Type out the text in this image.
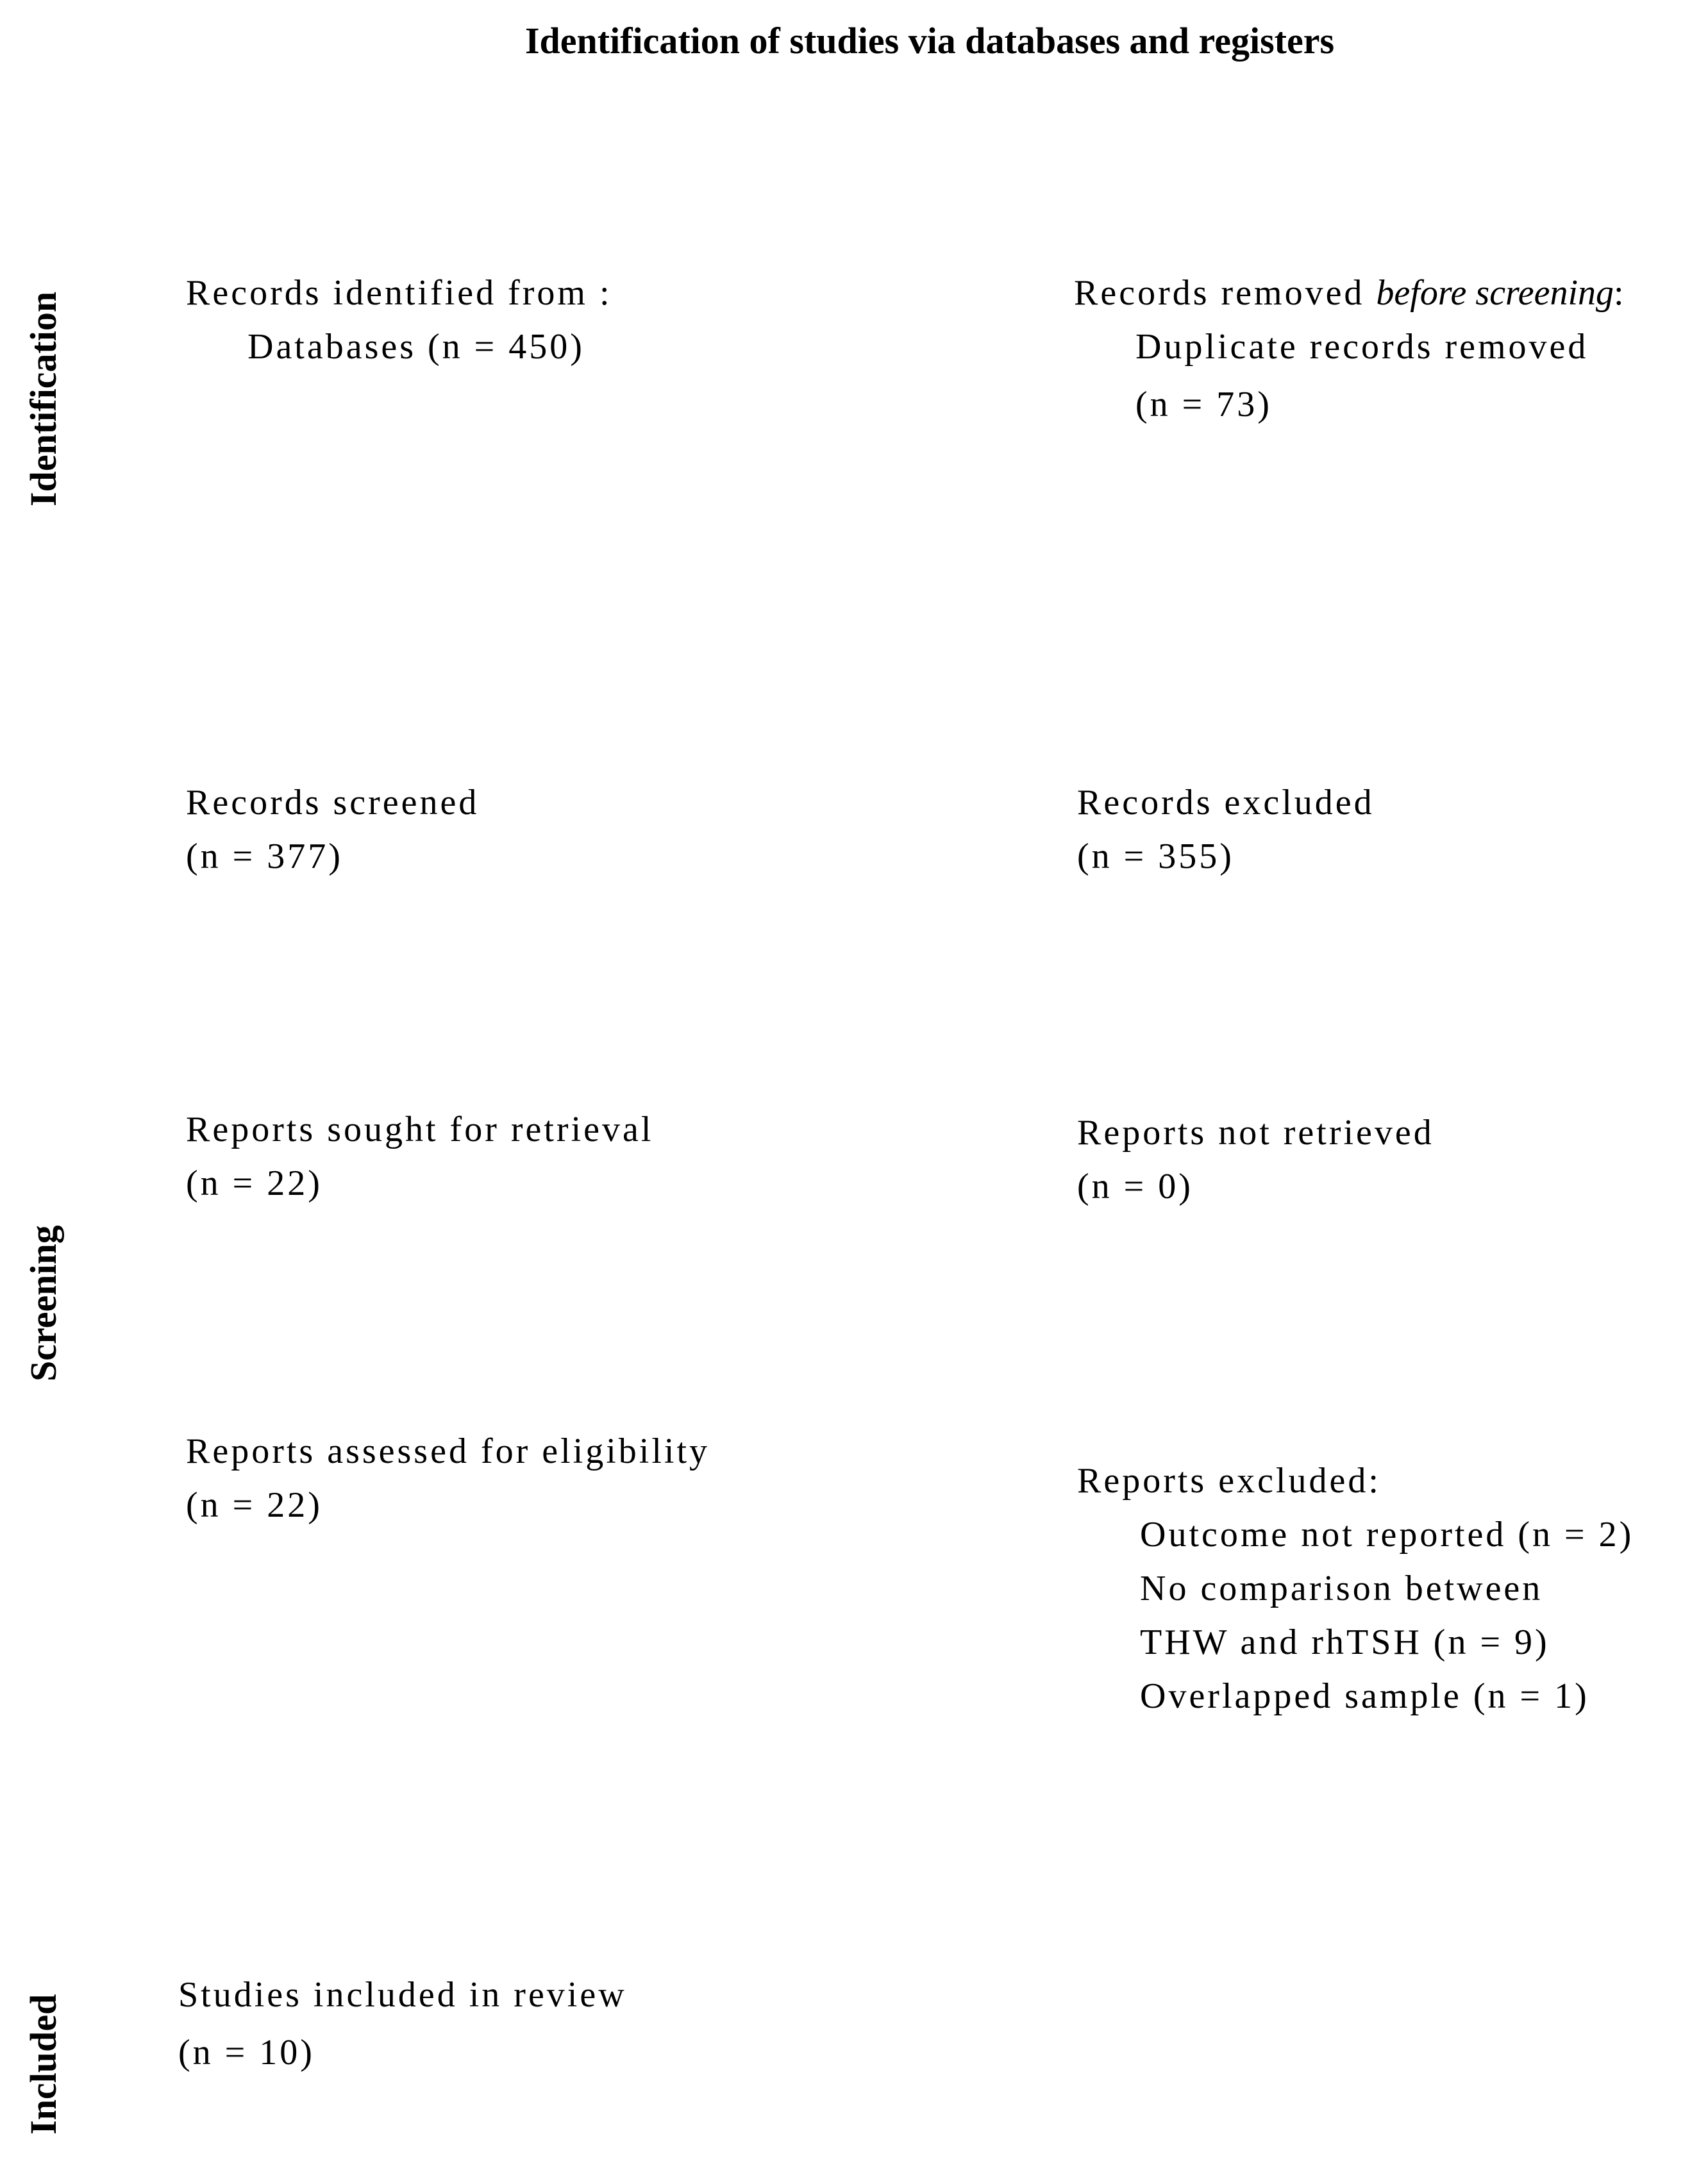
Identification of studies via databases and registers
Identification
Screening
Included
Records identified from :
Databases (n = 450)
Records removed before screening:
Duplicate records removed
(n = 73)
Records screened
(n = 377)
Records excluded
(n = 355)
Reports sought for retrieval
(n = 22)
Reports not retrieved
(n = 0)
Reports assessed for eligibility
(n = 22)
Reports excluded:
Outcome not reported (n = 2)
No comparison between
THW and rhTSH (n = 9)
Overlapped sample (n = 1)
Studies included in review
(n = 10)
